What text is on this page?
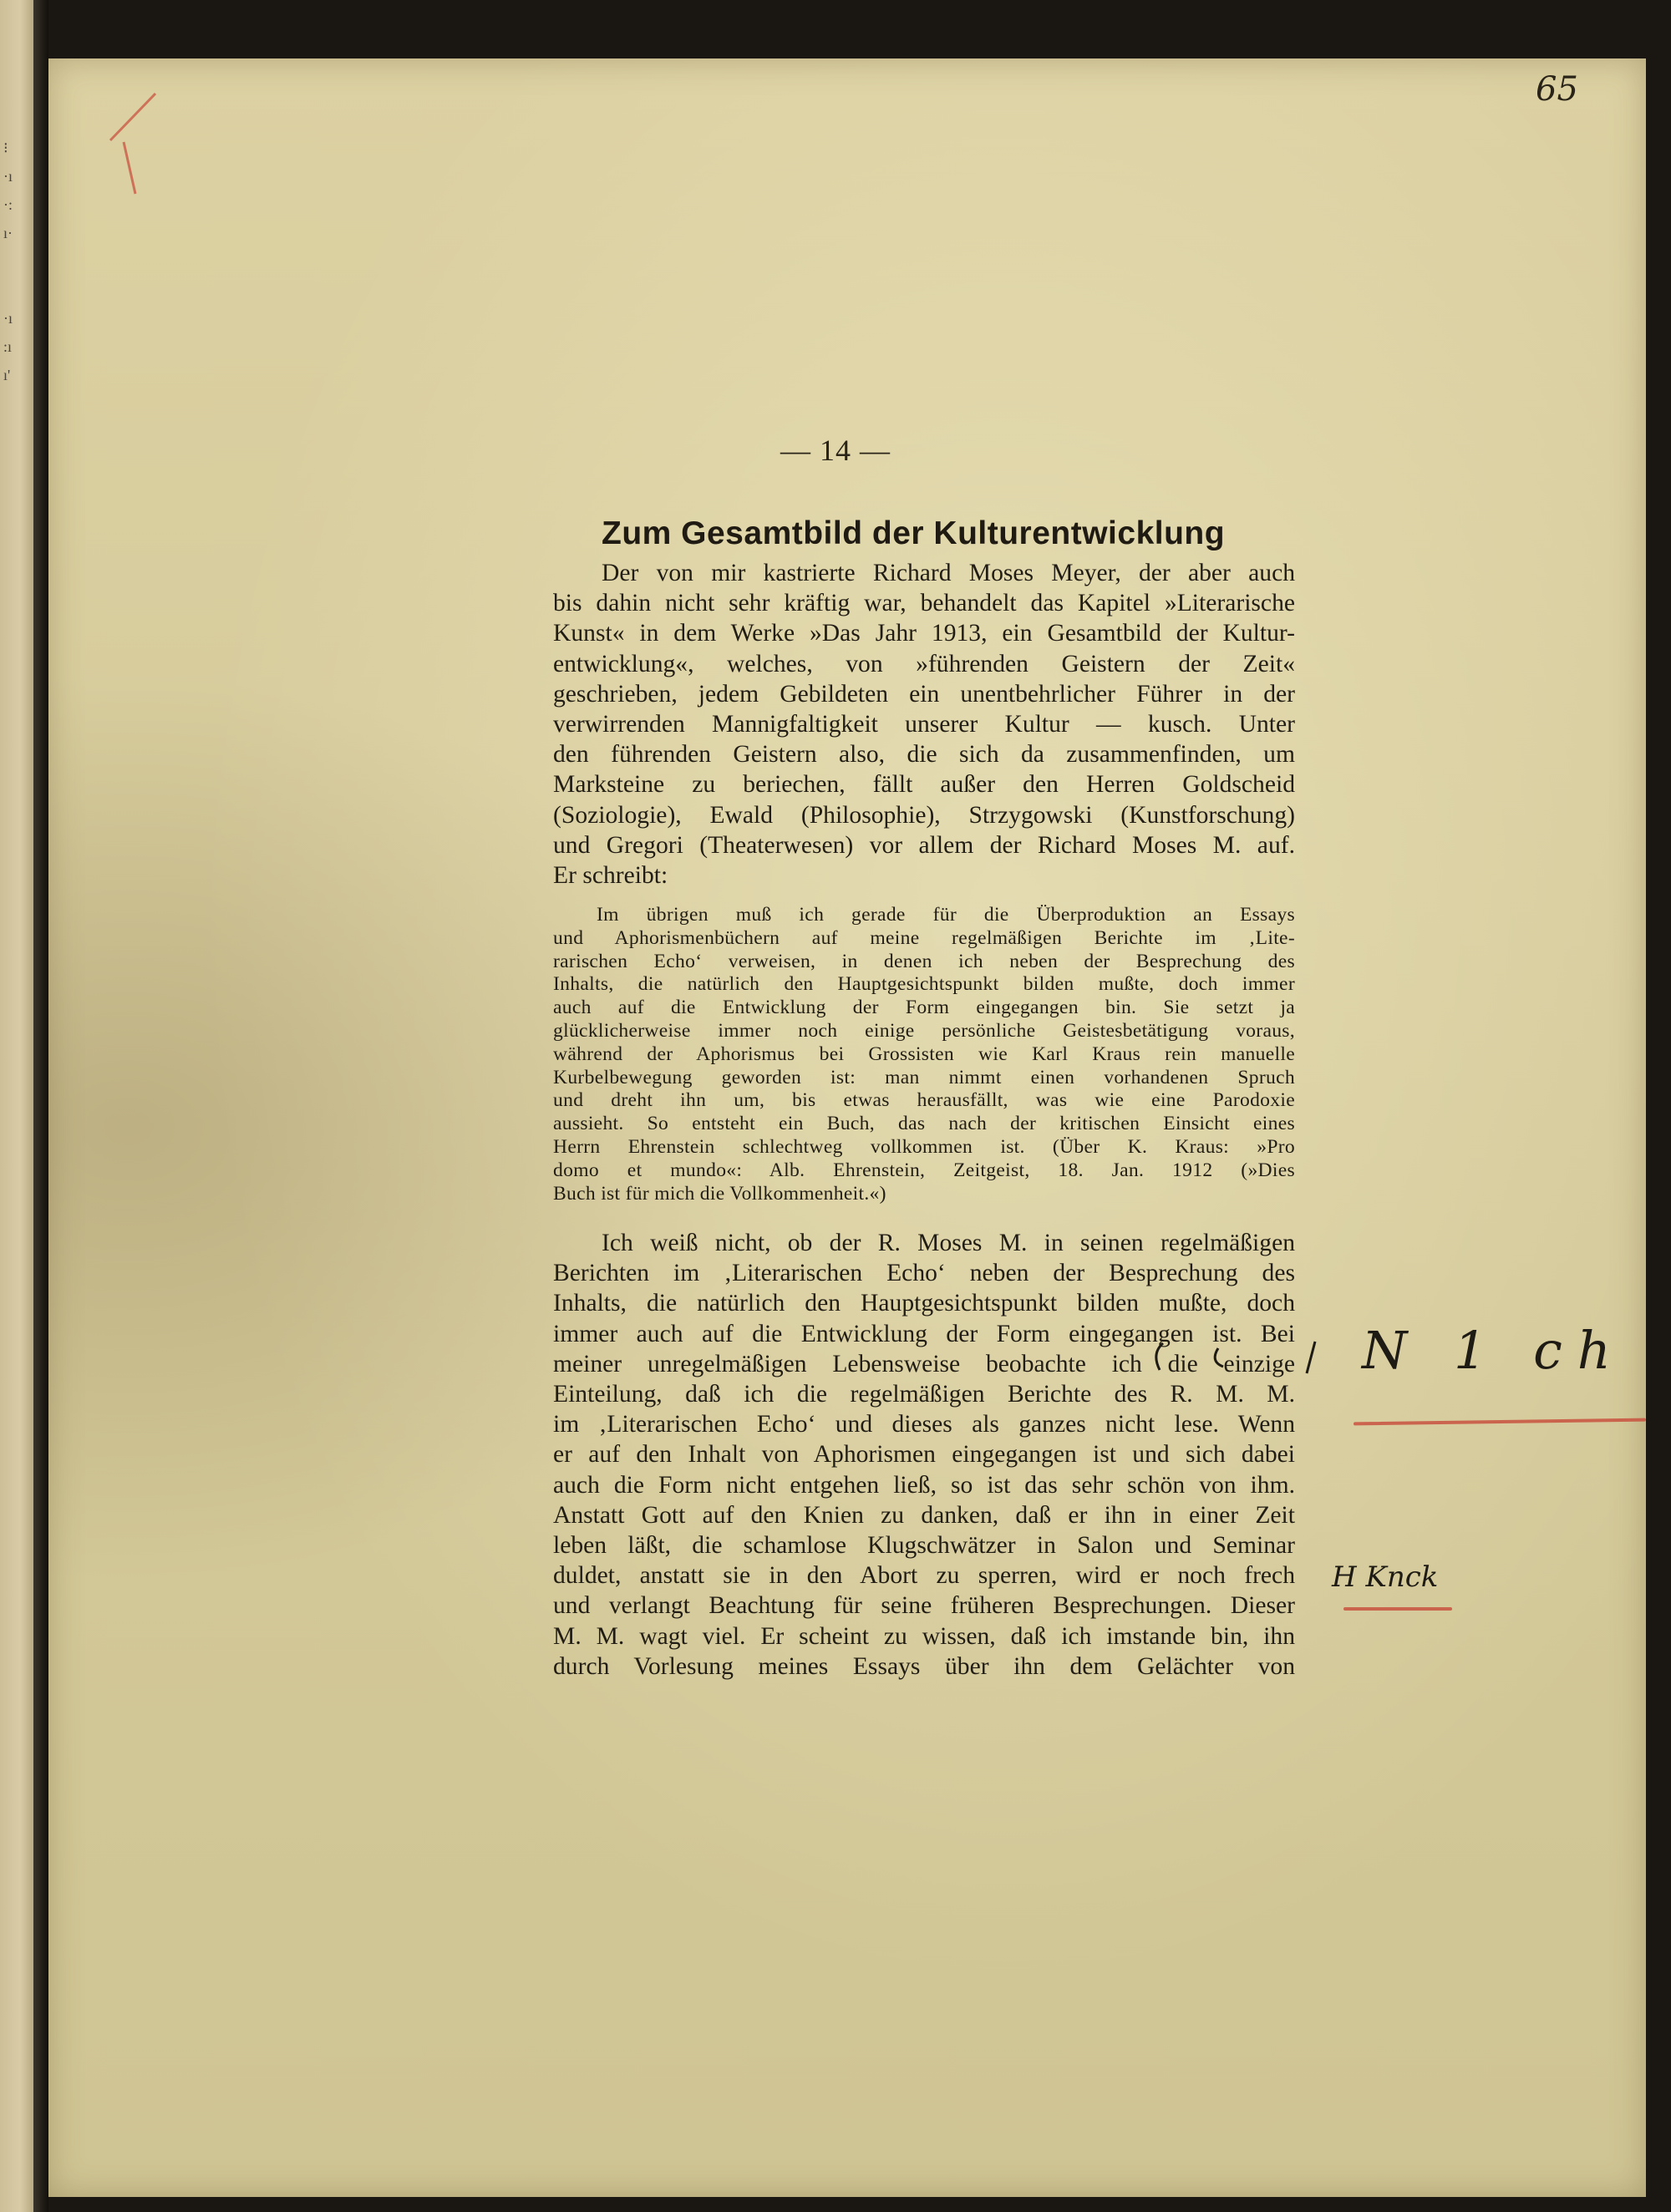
⁝
·ı
·:
ı·

·ı
:ı
ı'
65
— 14 —
Zum Gesamtbild der Kulturentwicklung
Der von mir kastrierte Richard Moses Meyer, der aber auch
bis dahin nicht sehr kräftig war, behandelt das Kapitel »Literarische
Kunst« in dem Werke »Das Jahr 1913, ein Gesamtbild der Kultur-
entwicklung«, welches, von »führenden Geistern der Zeit«
geschrieben, jedem Gebildeten ein unentbehrlicher Führer in der
verwirrenden Mannigfaltigkeit unserer Kultur — kusch. Unter
den führenden Geistern also, die sich da zusammenfinden, um
Marksteine zu beriechen, fällt außer den Herren Goldscheid
(Soziologie), Ewald (Philosophie), Strzygowski (Kunstforschung)
und Gregori (Theaterwesen) vor allem der Richard Moses M. auf.
Er schreibt:
Im übrigen muß ich gerade für die Überproduktion an Essays
und Aphorismenbüchern auf meine regelmäßigen Berichte im ‚Lite-
rarischen Echo‘ verweisen, in denen ich neben der Besprechung des
Inhalts, die natürlich den Hauptgesichtspunkt bilden mußte, doch immer
auch auf die Entwicklung der Form eingegangen bin. Sie setzt ja
glücklicherweise immer noch einige persönliche Geistesbetätigung voraus,
während der Aphorismus bei Grossisten wie Karl Kraus rein manuelle
Kurbelbewegung geworden ist: man nimmt einen vorhandenen Spruch
und dreht ihn um, bis etwas herausfällt, was wie eine Parodoxie
aussieht. So entsteht ein Buch, das nach der kritischen Einsicht eines
Herrn Ehrenstein schlechtweg vollkommen ist. (Über K. Kraus: »Pro
domo et mundo«: Alb. Ehrenstein, Zeitgeist, 18. Jan. 1912 (»Dies
Buch ist für mich die Vollkommenheit.«)
Ich weiß nicht, ob der R. Moses M. in seinen regelmäßigen
Berichten im ‚Literarischen Echo‘ neben der Besprechung des
Inhalts, die natürlich den Hauptgesichtspunkt bilden mußte, doch
immer auch auf die Entwicklung der Form eingegangen ist. Bei
meiner unregelmäßigen Lebensweise beobachte ich die einzige
Einteilung, daß ich die regelmäßigen Berichte des R. M. M.
im ‚Literarischen Echo‘ und dieses als ganzes nicht lese. Wenn
er auf den Inhalt von Aphorismen eingegangen ist und sich dabei
auch die Form nicht entgehen ließ, so ist das sehr schön von ihm.
Anstatt Gott auf den Knien zu danken, daß er ihn in einer Zeit
leben läßt, die schamlose Klugschwätzer in Salon und Seminar
duldet, anstatt sie in den Abort zu sperren, wird er noch frech
und verlangt Beachtung für seine früheren Besprechungen. Dieser
M. M. wagt viel. Er scheint zu wissen, daß ich imstande bin, ihn
durch Vorlesung meines Essays über ihn dem Gelächter von
N 1 ch
H Knck
